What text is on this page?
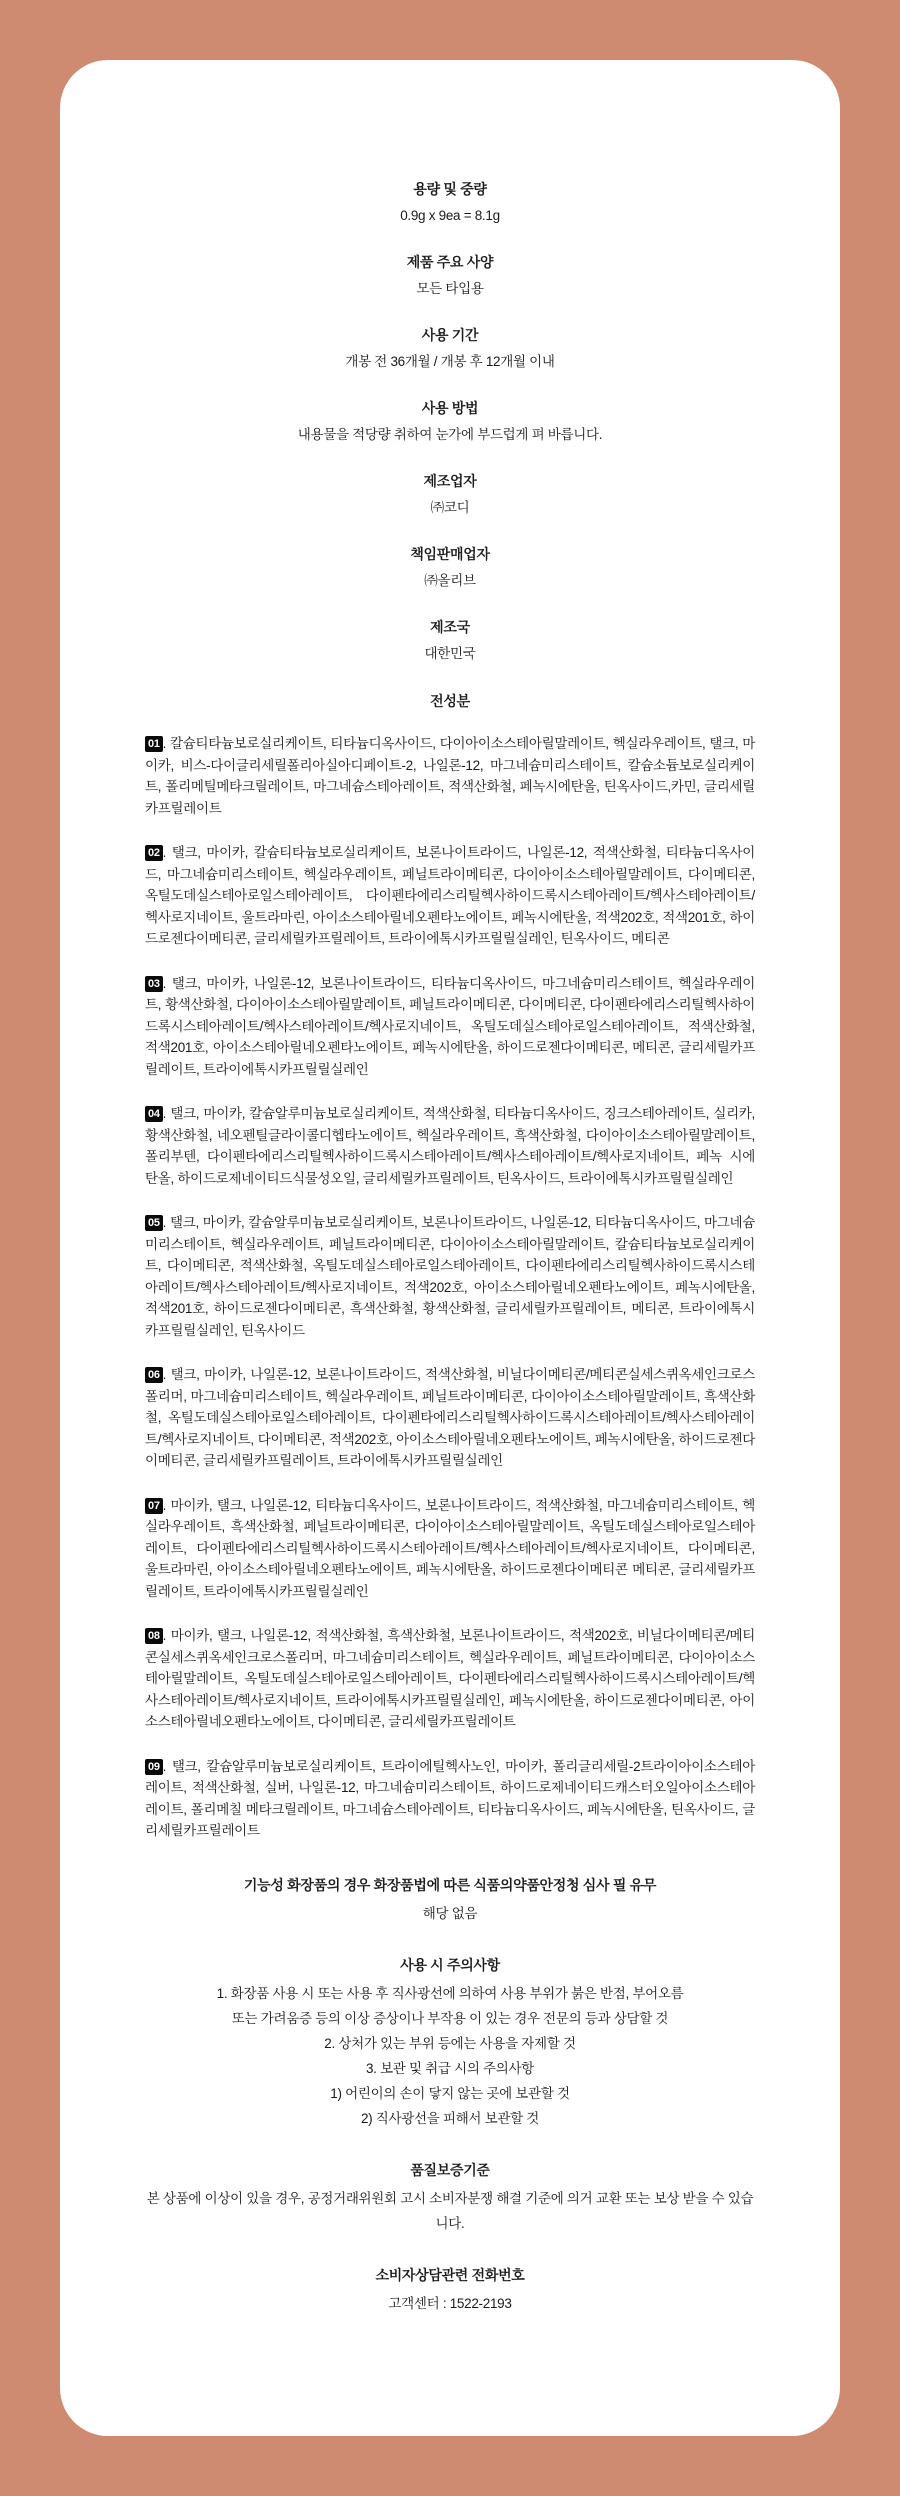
용량 및 중량
0.9g x 9ea = 8.1g
제품 주요 사양
모든 타입용
사용 기간
개봉 전 36개월 / 개봉 후 12개월 이내
사용 방법
내용물을 적당량 취하여 눈가에 부드럽게 펴 바릅니다.
제조업자
㈜코디
책임판매업자
㈜올리브
제조국
대한민국
전성분

01 . 칼슘티타늄보로실리케이트, 티타늄디옥사이드, 다이아이소스테아릴말레이트, 헥실라우레이트, 탤크, 마이카, 비스-다이글리세릴폴리아실아디페이트-2, 나일론-12, 마그네슘미리스테이트, 칼슘소듐보로실리케이트, 폴리메틸메타크릴레이트, 마그네슘스테아레이트, 적색산화철, 페녹시에탄올, 틴옥사이드,카민, 글리세릴카프릴레이트

02 . 탤크, 마이카, 칼슘티타늄보로실리케이트, 보론나이트라이드, 나일론-12, 적색산화철, 티타늄디옥사이드, 마그네슘미리스테이트, 헥실라우레이트, 페닐트라이메티콘, 다이아이소스테아릴말레이트, 다이메티콘, 옥틸도데실스테아로일스테아레이트, 다이펜타에리스리틸헥사하이드록시스테아레이트/헥사스테아레이트/헥사로지네이트, 울트라마린, 아이소스테아릴네오펜타노에이트, 페녹시에탄올, 적색202호, 적색201호, 하이드로젠다이메티콘, 글리세릴카프릴레이트, 트라이에톡시카프릴릴실레인, 틴옥사이드, 메티콘

03 . 탤크, 마이카, 나일론-12, 보론나이트라이드, 티타늄디옥사이드, 마그네슘미리스테이트, 헥실라우레이트, 황색산화철, 다이아이소스테아릴말레이트, 페닐트라이메티콘, 다이메티콘, 다이펜타에리스리틸헥사하이드록시스테아레이트/헥사스테아레이트/헥사로지네이트, 옥틸도데실스테아로일스테아레이트, 적색산화철, 적색201호, 아이소스테아릴네오펜타노에이트, 페녹시에탄올, 하이드로젠다이메티콘, 메티콘, 글리세릴카프릴레이트, 트라이에톡시카프릴릴실레인

04 . 탤크, 마이카, 칼슘알루미늄보로실리케이트, 적색산화철, 티타늄디옥사이드, 징크스테아레이트, 실리카,황색산화철, 네오펜틸글라이콜디헵타노에이트, 헥실라우레이트, 흑색산화철, 다이아이소스테아릴말레이트, 폴리부텐, 다이펜타에리스리틸헥사하이드록시스테아레이트/헥사스테아레이트/헥사로지네이트, 페녹 시에탄올, 하이드로제네이티드식물성오일, 글리세릴카프릴레이트, 틴옥사이드, 트라이에톡시카프릴릴실레인

05 . 탤크, 마이카, 칼슘알루미늄보로실리케이트, 보론나이트라이드, 나일론-12, 티타늄디옥사이드, 마그네슘미리스테이트, 헥실라우레이트, 페닐트라이메티콘, 다이아이소스테아릴말레이트, 칼슘티타늄보로실리케이트, 다이메티콘, 적색산화철, 옥틸도데실스테아로일스테아레이트, 다이펜타에리스리틸헥사하이드록시스테아레이트/헥사스테아레이트/헥사로지네이트, 적색202호, 아이소스테아릴네오펜타노에이트, 페녹시에탄올, 적색201호, 하이드로젠다이메티콘, 흑색산화철, 황색산화철, 글리세릴카프릴레이트, 메티콘, 트라이에톡시카프릴릴실레인, 틴옥사이드

06 . 탤크, 마이카, 나일론-12, 보론나이트라이드, 적색산화철, 비닐다이메티콘/메티콘실세스퀴옥세인크로스폴리머, 마그네슘미리스테이트, 헥실라우레이트, 페닐트라이메티콘, 다이아이소스테아릴말레이트, 흑색산화철, 옥틸도데실스테아로일스테아레이트, 다이펜타에리스리틸헥사하이드록시스테아레이트/헥사스테아레이트/헥사로지네이트, 다이메티콘, 적색202호, 아이소스테아릴네오펜타노에이트, 페녹시에탄올, 하이드로젠다이메티콘, 글리세릴카프릴레이트, 트라이에톡시카프릴릴실레인

07 . 마이카, 탤크, 나일론-12, 티타늄디옥사이드, 보론나이트라이드, 적색산화철, 마그네슘미리스테이트, 헥실라우레이트, 흑색산화철, 페닐트라이메티콘, 다이아이소스테아릴말레이트, 옥틸도데실스테아로일스테아레이트, 다이펜타에리스리틸헥사하이드록시스테아레이트/헥사스테아레이트/헥사로지네이트, 다이메티콘, 울트라마린, 아이소스테아릴네오펜타노에이트, 페녹시에탄올, 하이드로젠다이메티콘 메티콘, 글리세릴카프릴레이트, 트라이에톡시카프릴릴실레인

08 . 마이카, 탤크, 나일론-12, 적색산화철, 흑색산화철, 보론나이트라이드, 적색202호, 비닐다이메티콘/메티콘실세스퀴옥세인크로스폴리머, 마그네슘미리스테이트, 헥실라우레이트, 페닐트라이메티콘, 다이아이소스테아릴말레이트, 옥틸도데실스테아로일스테아레이트, 다이펜타에리스리틸헥사하이드록시스테아레이트/헥사스테아레이트/헥사로지네이트, 트라이에톡시카프릴릴실레인, 페녹시에탄올, 하이드로젠다이메티콘, 아이소스테아릴네오펜타노에이트, 다이메티콘, 글리세릴카프릴레이트

09 . 탤크, 칼슘알루미늄보로실리케이트, 트라이에틸헥사노인, 마이카, 폴리글리세릴-2트라이아이소스테아레이트, 적색산화철, 실버, 나일론-12, 마그네슘미리스테이트, 하이드로제네이티드캐스터오일아이소스테아레이트, 폴리메칠 메타크릴레이트, 마그네슘스테아레이트, 티타늄디옥사이드, 페녹시에탄올, 틴옥사이드, 글리세릴카프릴레이트

기능성 화장품의 경우 화장품법에 따른 식품의약품안정청 심사 필 유무
해당 없음
사용 시 주의사항
1. 화장품 사용 시 또는 사용 후 직사광선에 의하여 사용 부위가 붉은 반점, 부어오름
또는 가려움증 등의 이상 증상이나 부작용 이 있는 경우 전문의 등과 상담할 것
2. 상처가 있는 부위 등에는 사용을 자제할 것
3. 보관 및 취급 시의 주의사항
1) 어린이의 손이 닿지 않는 곳에 보관할 것
2) 직사광선을 피해서 보관할 것
품질보증기준
본 상품에 이상이 있을 경우, 공정거래위원회 고시 소비자분쟁 해결 기준에 의거 교환 또는 보상 받을 수 있습니다.
소비자상담관련 전화번호
고객센터 : 1522-2193
